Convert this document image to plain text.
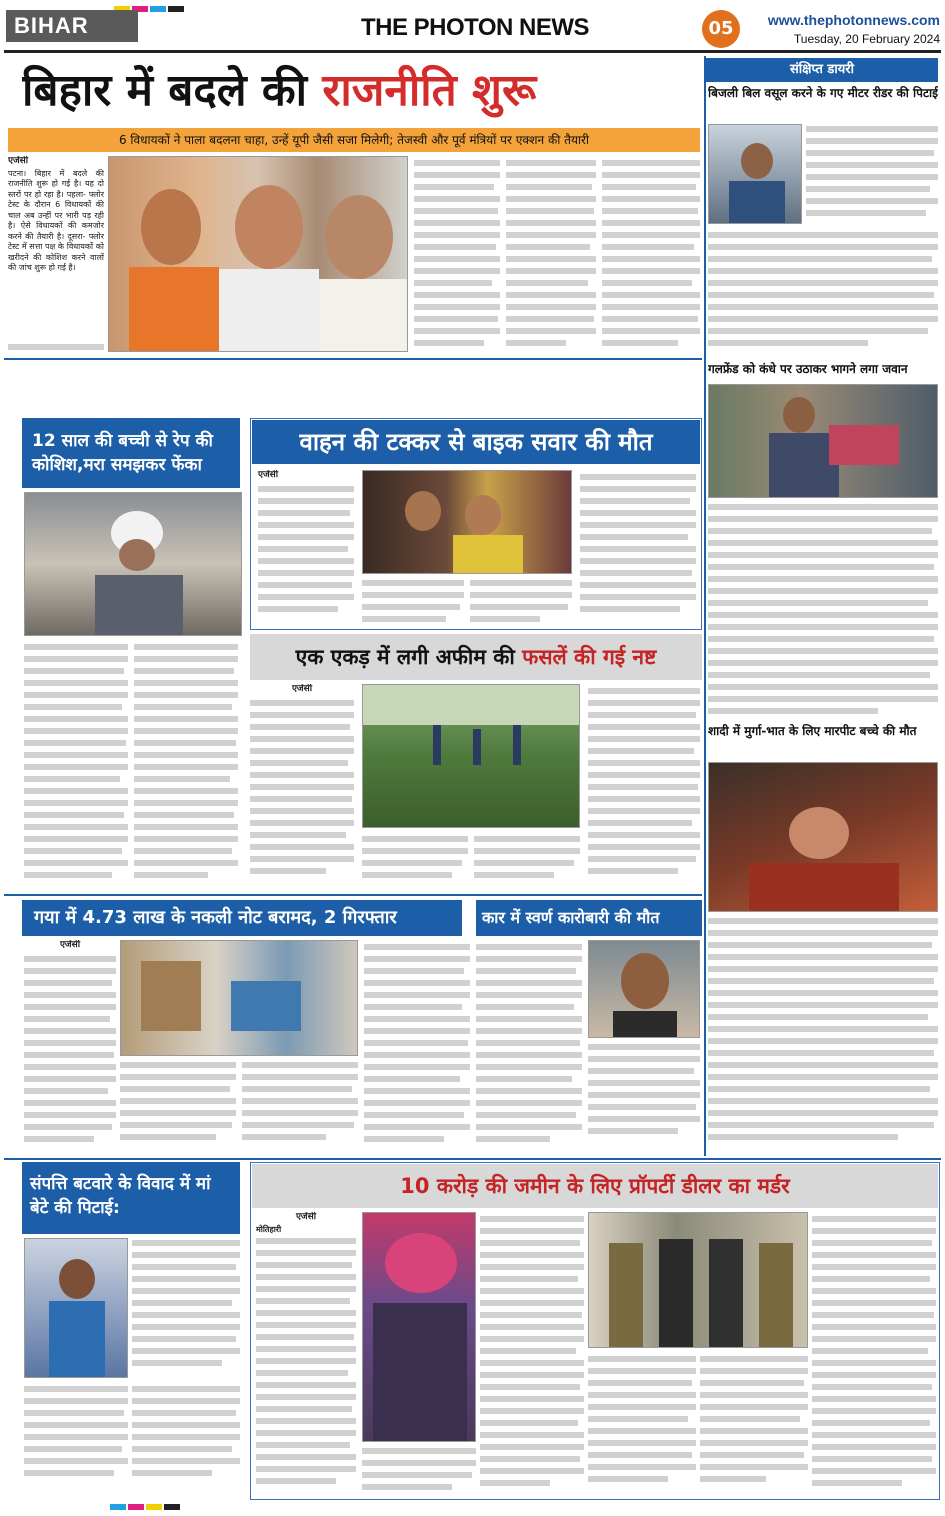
BIHAR	THE PHOTON NEWS	05	www.thephotonnews.com
Tuesday, 20 February 2024
बिहार में बदले की राजनीति शुरू
6 विधायकों ने पाला बदलना चाहा, उन्हें यूपी जैसी सजा मिलेगी; तेजस्वी और पूर्व मंत्रियों पर एक्शन की तैयारी
एजेंसी
पटना। बिहार में बदले की राजनीति शुरू हो गई है। यह दो स्तरों पर हो रहा है। पहला- फ्लोर टेस्ट के दौरान 6 विधायकों की चाल अब उन्हीं पर भारी पड़ रही है। ऐसे विधायकों की कमजोर करने की तैयारी है। दूसरा- फ्लोर टेस्ट में सत्ता पक्ष के विधायकों को खरीदने की कोशिश करने वालों की जांच शुरू हो गई है।
12 साल की बच्ची से रेप की कोशिश,मरा समझकर फेंका
वाहन की टक्कर से बाइक सवार की मौत
एजेंसी
एक एकड़ में लगी अफीम की फसलें की गई नष्ट
एजेंसी
गया में 4.73 लाख के नकली नोट बरामद, 2 गिरफ्तार
एजेंसी
कार में स्वर्ण कारोबारी की मौत
संक्षिप्त डायरी
बिजली बिल वसूल करने के गए मीटर रीडर की पिटाई
गलफ्रेंड को कंधे पर उठाकर भागने लगा जवान
शादी में मुर्गा-भात के लिए मारपीट बच्चे की मौत
संपत्ति बटवारे के विवाद में मां बेटे की पिटाई:
10 करोड़ की जमीन के लिए प्रॉपर्टी डीलर का मर्डर
एजेंसी
मोतिहारी
